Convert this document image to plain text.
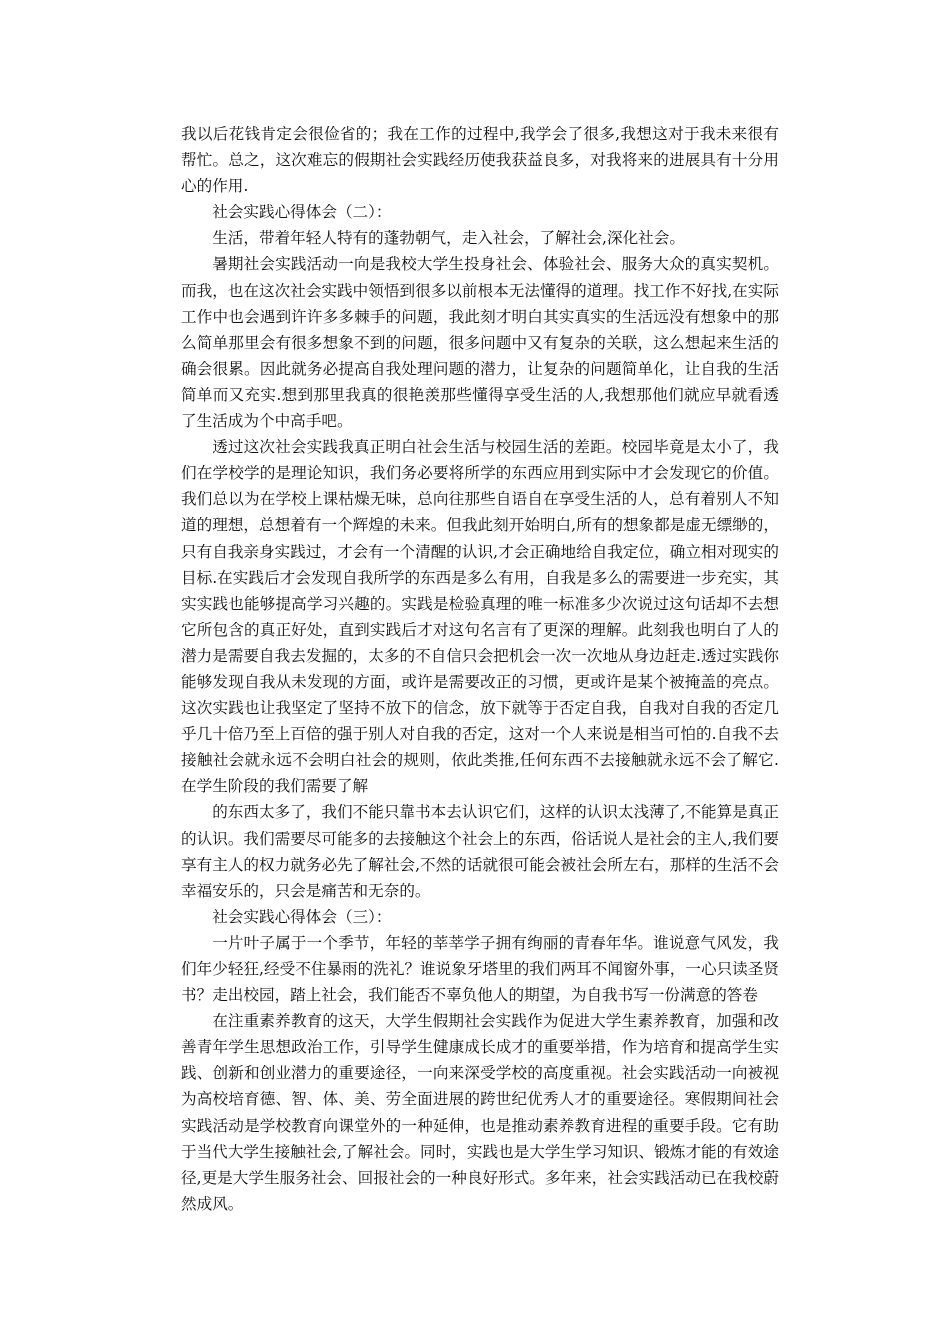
我以后花钱肯定会很俭省的；我在工作的过程中,我学会了很多,我想这对于我未来很有帮忙。总之，这次难忘的假期社会实践经历使我获益良多，对我将来的进展具有十分用心的作用.

社会实践心得体会（二）：

生活，带着年轻人特有的蓬勃朝气，走入社会，了解社会,深化社会。

暑期社会实践活动一向是我校大学生投身社会、体验社会、服务大众的真实契机。而我，也在这次社会实践中领悟到很多以前根本无法懂得的道理。找工作不好找,在实际工作中也会遇到许许多多棘手的问题，我此刻才明白其实真实的生活远没有想象中的那么简单那里会有很多想象不到的问题，很多问题中又有复杂的关联，这么想起来生活的确会很累。因此就务必提高自我处理问题的潜力，让复杂的问题简单化，让自我的生活简单而又充实.想到那里我真的很艳羡那些懂得享受生活的人,我想那他们就应早就看透了生活成为个中高手吧。

透过这次社会实践我真正明白社会生活与校园生活的差距。校园毕竟是太小了，我们在学校学的是理论知识，我们务必要将所学的东西应用到实际中才会发现它的价值。我们总以为在学校上课枯燥无味，总向往那些自语自在享受生活的人，总有着别人不知道的理想，总想着有一个辉煌的未来。但我此刻开始明白,所有的想象都是虚无缥缈的，只有自我亲身实践过，才会有一个清醒的认识,才会正确地给自我定位，确立相对现实的目标.在实践后才会发现自我所学的东西是多么有用，自我是多么的需要进一步充实，其实实践也能够提高学习兴趣的。实践是检验真理的唯一标准多少次说过这句话却不去想它所包含的真正好处，直到实践后才对这句名言有了更深的理解。此刻我也明白了人的潜力是需要自我去发掘的，太多的不自信只会把机会一次一次地从身边赶走.透过实践你能够发现自我从未发现的方面，或许是需要改正的习惯，更或许是某个被掩盖的亮点。这次实践也让我坚定了坚持不放下的信念，放下就等于否定自我，自我对自我的否定几乎几十倍乃至上百倍的强于别人对自我的否定，这对一个人来说是相当可怕的.自我不去接触社会就永远不会明白社会的规则，依此类推,任何东西不去接触就永远不会了解它.在学生阶段的我们需要了解

的东西太多了，我们不能只靠书本去认识它们，这样的认识太浅薄了,不能算是真正的认识。我们需要尽可能多的去接触这个社会上的东西，俗话说人是社会的主人,我们要享有主人的权力就务必先了解社会,不然的话就很可能会被社会所左右，那样的生活不会幸福安乐的，只会是痛苦和无奈的。

社会实践心得体会（三）：

一片叶子属于一个季节，年轻的莘莘学子拥有绚丽的青春年华。谁说意气风发，我们年少轻狂,经受不住暴雨的洗礼？谁说象牙塔里的我们两耳不闻窗外事，一心只读圣贤书？走出校园，踏上社会，我们能否不辜负他人的期望，为自我书写一份满意的答卷

在注重素养教育的这天，大学生假期社会实践作为促进大学生素养教育，加强和改善青年学生思想政治工作，引导学生健康成长成才的重要举措，作为培育和提高学生实践、创新和创业潜力的重要途径，一向来深受学校的高度重视。社会实践活动一向被视为高校培育德、智、体、美、劳全面进展的跨世纪优秀人才的重要途径。寒假期间社会实践活动是学校教育向课堂外的一种延伸，也是推动素养教育进程的重要手段。它有助于当代大学生接触社会,了解社会。同时，实践也是大学生学习知识、锻炼才能的有效途径,更是大学生服务社会、回报社会的一种良好形式。多年来，社会实践活动已在我校蔚然成风。
